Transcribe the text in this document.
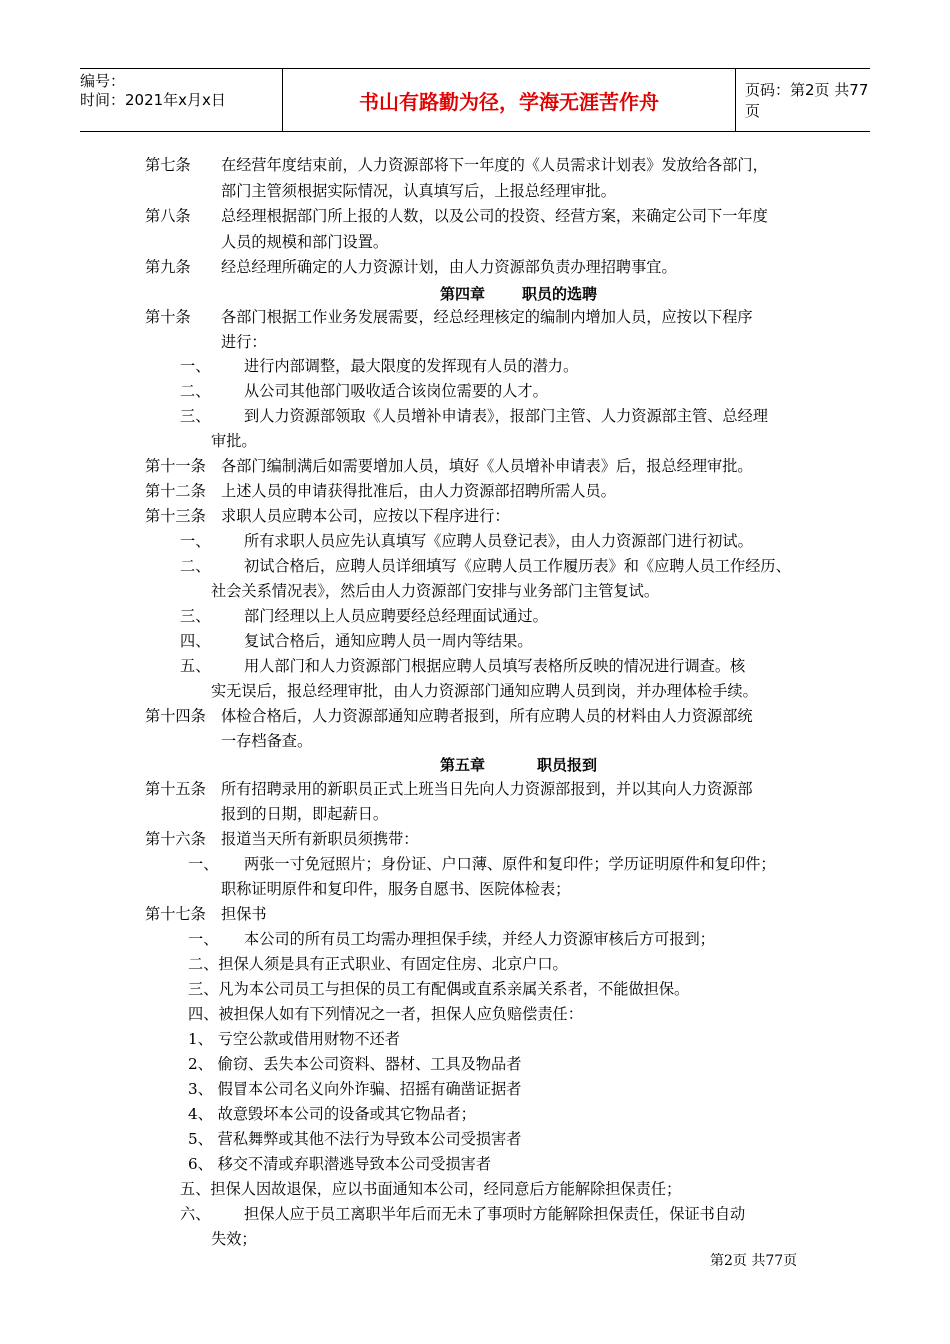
编号：
时间：2021年x月x日	书山有路勤为径，学海无涯苦作舟	页码：第2页 共77页
第七条 在经营年度结束前，人力资源部将下一年度的《人员需求计划表》发放给各部门，
部门主管须根据实际情况，认真填写后，上报总经理审批。
第八条 总经理根据部门所上报的人数，以及公司的投资、经营方案，来确定公司下一年度
人员的规模和部门设置。
第九条 经总经理所确定的人力资源计划，由人力资源部负责办理招聘事宜。
第四章 职员的选聘
第十条 各部门根据工作业务发展需要，经总经理核定的编制内增加人员，应按以下程序
进行：
一、 进行内部调整，最大限度的发挥现有人员的潜力。
二、 从公司其他部门吸收适合该岗位需要的人才。
三、 到人力资源部领取《人员增补申请表》，报部门主管、人力资源部主管、总经理
审批。
第十一条 各部门编制满后如需要增加人员，填好《人员增补申请表》后，报总经理审批。
第十二条 上述人员的申请获得批准后，由人力资源部招聘所需人员。
第十三条 求职人员应聘本公司，应按以下程序进行：
一、 所有求职人员应先认真填写《应聘人员登记表》，由人力资源部门进行初试。
二、 初试合格后，应聘人员详细填写《应聘人员工作履历表》和《应聘人员工作经历、
社会关系情况表》，然后由人力资源部门安排与业务部门主管复试。
三、 部门经理以上人员应聘要经总经理面试通过。
四、 复试合格后，通知应聘人员一周内等结果。
五、 用人部门和人力资源部门根据应聘人员填写表格所反映的情况进行调查。核
实无误后，报总经理审批，由人力资源部门通知应聘人员到岗，并办理体检手续。
第十四条 体检合格后，人力资源部通知应聘者报到，所有应聘人员的材料由人力资源部统
一存档备查。
第五章	职员报到
第十五条 所有招聘录用的新职员正式上班当日先向人力资源部报到，并以其向人力资源部
报到的日期，即起薪日。
第十六条 报道当天所有新职员须携带：
一、 两张一寸免冠照片；身份证、户口薄、原件和复印件；学历证明原件和复印件；
职称证明原件和复印件，服务自愿书、医院体检表；
第十七条 担保书
一、 本公司的所有员工均需办理担保手续，并经人力资源审核后方可报到；
二、担保人须是具有正式职业、有固定住房、北京户口。
三、凡为本公司员工与担保的员工有配偶或直系亲属关系者，不能做担保。
四、被担保人如有下列情况之一者，担保人应负赔偿责任：
1、 亏空公款或借用财物不还者
2、 偷窃、丢失本公司资料、器材、工具及物品者
3、 假冒本公司名义向外诈骗、招摇有确凿证据者
4、 故意毁坏本公司的设备或其它物品者；
5、 营私舞弊或其他不法行为导致本公司受损害者
6、 移交不清或弃职潜逃导致本公司受损害者
五、担保人因故退保，应以书面通知本公司，经同意后方能解除担保责任；
六、 担保人应于员工离职半年后而无未了事项时方能解除担保责任，保证书自动
失效；
第2页 共77页
